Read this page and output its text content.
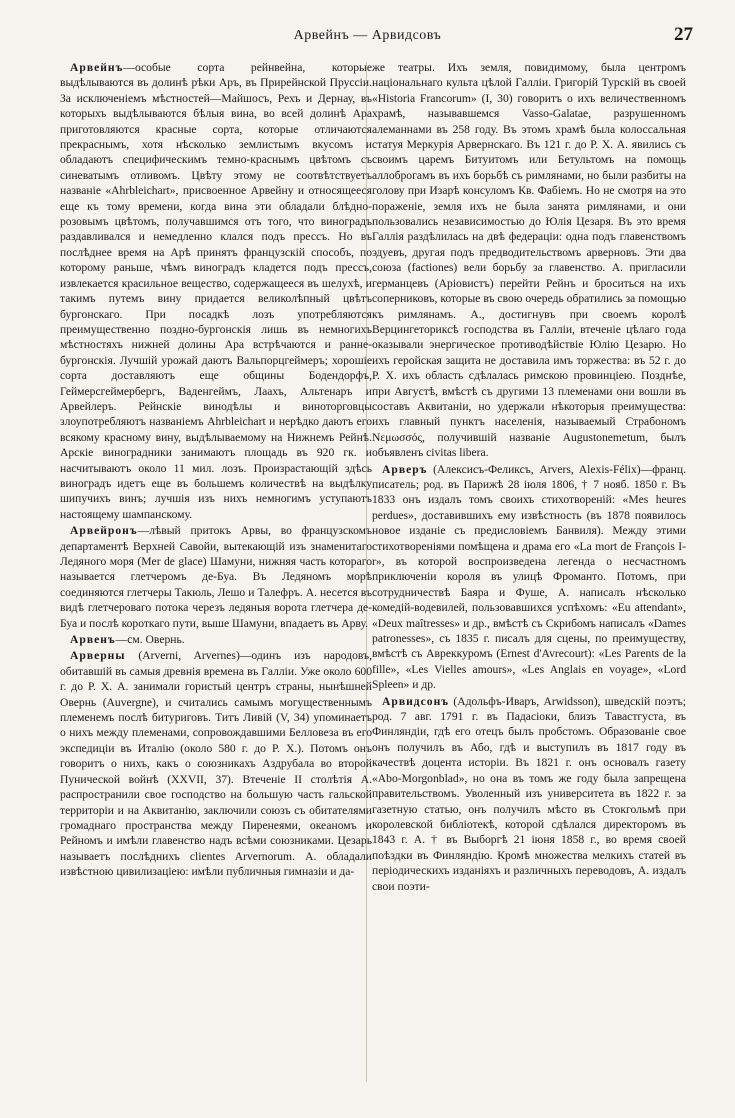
Арвейнъ — Арвидсовъ	27

Арвейнъ—особые сорта рейнвейна, которые выдѣлываются въ долинѣ рѣки Аръ, въ Прирейнской Пруссіи. За исключеніемъ мѣстностей—Майшосъ, Рехъ и Дернау, въ которыхъ выдѣлываются бѣлыя вина, во всей долинѣ Ара приготовляются красные сорта, которые отличаются прекраснымъ, хотя нѣсколько землистымъ вкусомъ и обладаютъ специфическимъ темно-краснымъ цвѣтомъ съ синеватымъ отливомъ. Цвѣту этому не соотвѣтствуетъ названіе «Ahrbleichart», присвоенное Арвейну и относящееся еще къ тому времени, когда вина эти обладали блѣдно-розовымъ цвѣтомъ, получавшимся отъ того, что виноградъ раздавливался и немедленно клался подъ прессъ. Но въ послѣднее время на Арѣ принятъ французскій способъ, по которому раньше, чѣмъ виноградъ кладется подъ прессъ, извлекается красильное вещество, содержащееся въ шелухѣ, и такимъ путемъ вину придается великолѣпный цвѣтъ бургонскаго. При посадкѣ лозъ употребляются преимущественно поздно-бургонскія лишь въ немногихъ мѣстностяхъ нижней долины Ара встрѣчаются и ранне-бургонскія. Лучшій урожай даютъ Вальпорцгеймеръ; хорошіе сорта доставляютъ еще общины Бодендорфъ, Геймерсгеймербергъ, Ваденгеймъ, Лаахъ, Альтенаръ и Арвейлеръ. Рейнскіе винодѣлы и виноторговцы злоупотребляютъ названіемъ Ahrbleichart и нерѣдко даютъ его всякому красному вину, выдѣлываемому на Нижнемъ Рейнѣ. Арскіе виноградники занимаютъ площадь въ 920 гк. и насчитываютъ около 11 мил. лозъ. Произрастающій здѣсь виноградъ идетъ еще въ большемъ количествѣ на выдѣлку шипучихъ винъ; лучшія изъ нихъ немногимъ уступаютъ настоящему шампанскому.

Арвейронъ—лѣвый притокъ Арвы, во французскомъ департаментѣ Верхней Савойи, вытекающій изъ знаменитаго Ледяного моря (Mer de glace) Шамуни, нижняя часть котораго называется глетчеромъ де-Буа. Въ Ледяномъ морѣ соединяются глетчеры Такюль, Лешо и Талефръ. А. несется въ видѣ глетчероваго потока черезъ ледяныя ворота глетчера де-Буа и послѣ короткаго пути, выше Шамуни, впадаетъ въ Арву.

Арвенъ—см. Овернь.

Арверны (Arverni, Arvernes)—одинъ изъ народовъ, обитавшій въ самыя древнія времена въ Галліи. Уже около 600 г. до Р. Х. А. занимали гористый центръ страны, нынѣшней Овернь (Auvergne), и считались самымъ могущественнымъ племенемъ послѣ битуриговъ. Титъ Ливій (V, 34) упоминаетъ о нихъ между племенами, сопровождавшими Белловеза въ его экспедиціи въ Италію (около 580 г. до Р. Х.). Потомъ онъ говоритъ о нихъ, какъ о союзникахъ Аздрубала во второй Пунической войнѣ (XXVII, 37). Втеченіе II столѣтія А. распространили свое господство на большую часть гальской территоріи и на Аквитанію, заключили союзъ съ обитателями громаднаго пространства между Пиренеями, океаномъ и Рейномъ и имѣли главенство надъ всѣми союзниками. Цезарь называетъ послѣднихъ clientes Arvernorum. А. обладали извѣстною цивилизаціею: имѣли публичныя гимназіи и да-

же театры. Ихъ земля, повидимому, была центромъ національнаго культа цѣлой Галліи. Григорій Турскій въ своей «Historia Francorum» (I, 30) говоритъ о ихъ величественномъ храмѣ, называвшемся Vasso-Galatae, разрушенномъ алеманнами въ 258 году. Въ этомъ храмѣ была колоссальная статуя Меркурія Арвернскаго. Въ 121 г. до Р. Х. А. явились съ своимъ царемъ Битуитомъ или Бетультомъ на помощь аллоброгамъ въ ихъ борьбѣ съ римлянами, но были разбиты на голову при Изарѣ консуломъ Кв. Фабіемъ. Но не смотря на это пораженіе, земля ихъ не была занята римлянами, и они пользовались независимостью до Юлія Цезаря. Въ это время Галлія раздѣлилась на двѣ федераціи: одна подъ главенствомъ эдуевъ, другая подъ предводительствомъ арверновъ. Эти два союза (factiones) вели борьбу за главенство. А. пригласили германцевъ (Аріовистъ) перейти Рейнъ и броситься на ихъ соперниковъ, которые въ свою очередь обратились за помощью къ римлянамъ. А., достигнувъ при своемъ королѣ Верцингеториксѣ господства въ Галліи, втеченіе цѣлаго года оказывали энергическое противодѣйствіе Юлію Цезарю. Но ихъ геройская защита не доставила имъ торжества: въ 52 г. до Р. Х. ихъ область сдѣлалась римскою провинціею. Позднѣе, при Августѣ, вмѣстѣ съ другими 13 племенами они вошли въ составъ Аквитаніи, но удержали нѣкоторыя преимущества: ихъ главный пунктъ населенія, называемый Страбономъ Νεμωσσός, получившій названіе Augustonemetum, былъ объявленъ civitas libera.

Арверъ (Алексисъ-Феликсъ, Arvers, Alexis-Félix)—франц. писатель; род. въ Парижѣ 28 іюля 1806, † 7 нояб. 1850 г. Въ 1833 онъ издалъ томъ своихъ стихотвореній: «Mes heures perdues», доставившихъ ему извѣстность (въ 1878 появилось новое изданіе съ предисловіемъ Банвиля). Между этими стихотвореніями помѣщена и драма его «La mort de François I-r», въ которой воспроизведена легенда о несчастномъ приключеніи короля въ улицѣ Фромантo. Потомъ, при сотрудничествѣ Баяра и Фуше, А. написалъ нѣсколько комедій-водевилей, пользовавшихся успѣхомъ: «Eu attendant», «Deux maîtresses» и др., вмѣстѣ съ Скрибомъ написалъ «Dames patronesses», съ 1835 г. писалъ для сцены, по преимуществу, вмѣстѣ съ Авреккуромъ (Ernest d'Avrecourt): «Les Parents de la fille», «Les Vielles amours», «Les Anglais en voyage», «Lord Spleen» и др.

Арвидсонъ (Адольфъ-Иваръ, Arwidsson), шведскій поэтъ; род. 7 авг. 1791 г. въ Падасіоки, близъ Тавастгуста, въ Финляндіи, гдѣ его отецъ былъ пробстомъ. Образованіе свое онъ получилъ въ Або, гдѣ и выступилъ въ 1817 году въ качествѣ доцента исторіи. Въ 1821 г. онъ основалъ газету «Abo-Morgonblad», но она въ томъ же году была запрещена правительствомъ. Уволенный изъ университета въ 1822 г. за газетную статью, онъ получилъ мѣсто въ Стокгольмѣ при королевской библіотекѣ, которой сдѣлался директоромъ въ 1843 г. А. † въ Выборгѣ 21 іюня 1858 г., во время своей поѣздки въ Финляндію. Кромѣ множества мелкихъ статей въ періодическихъ изданіяхъ и различныхъ переводовъ, А. издалъ свои поэти-
